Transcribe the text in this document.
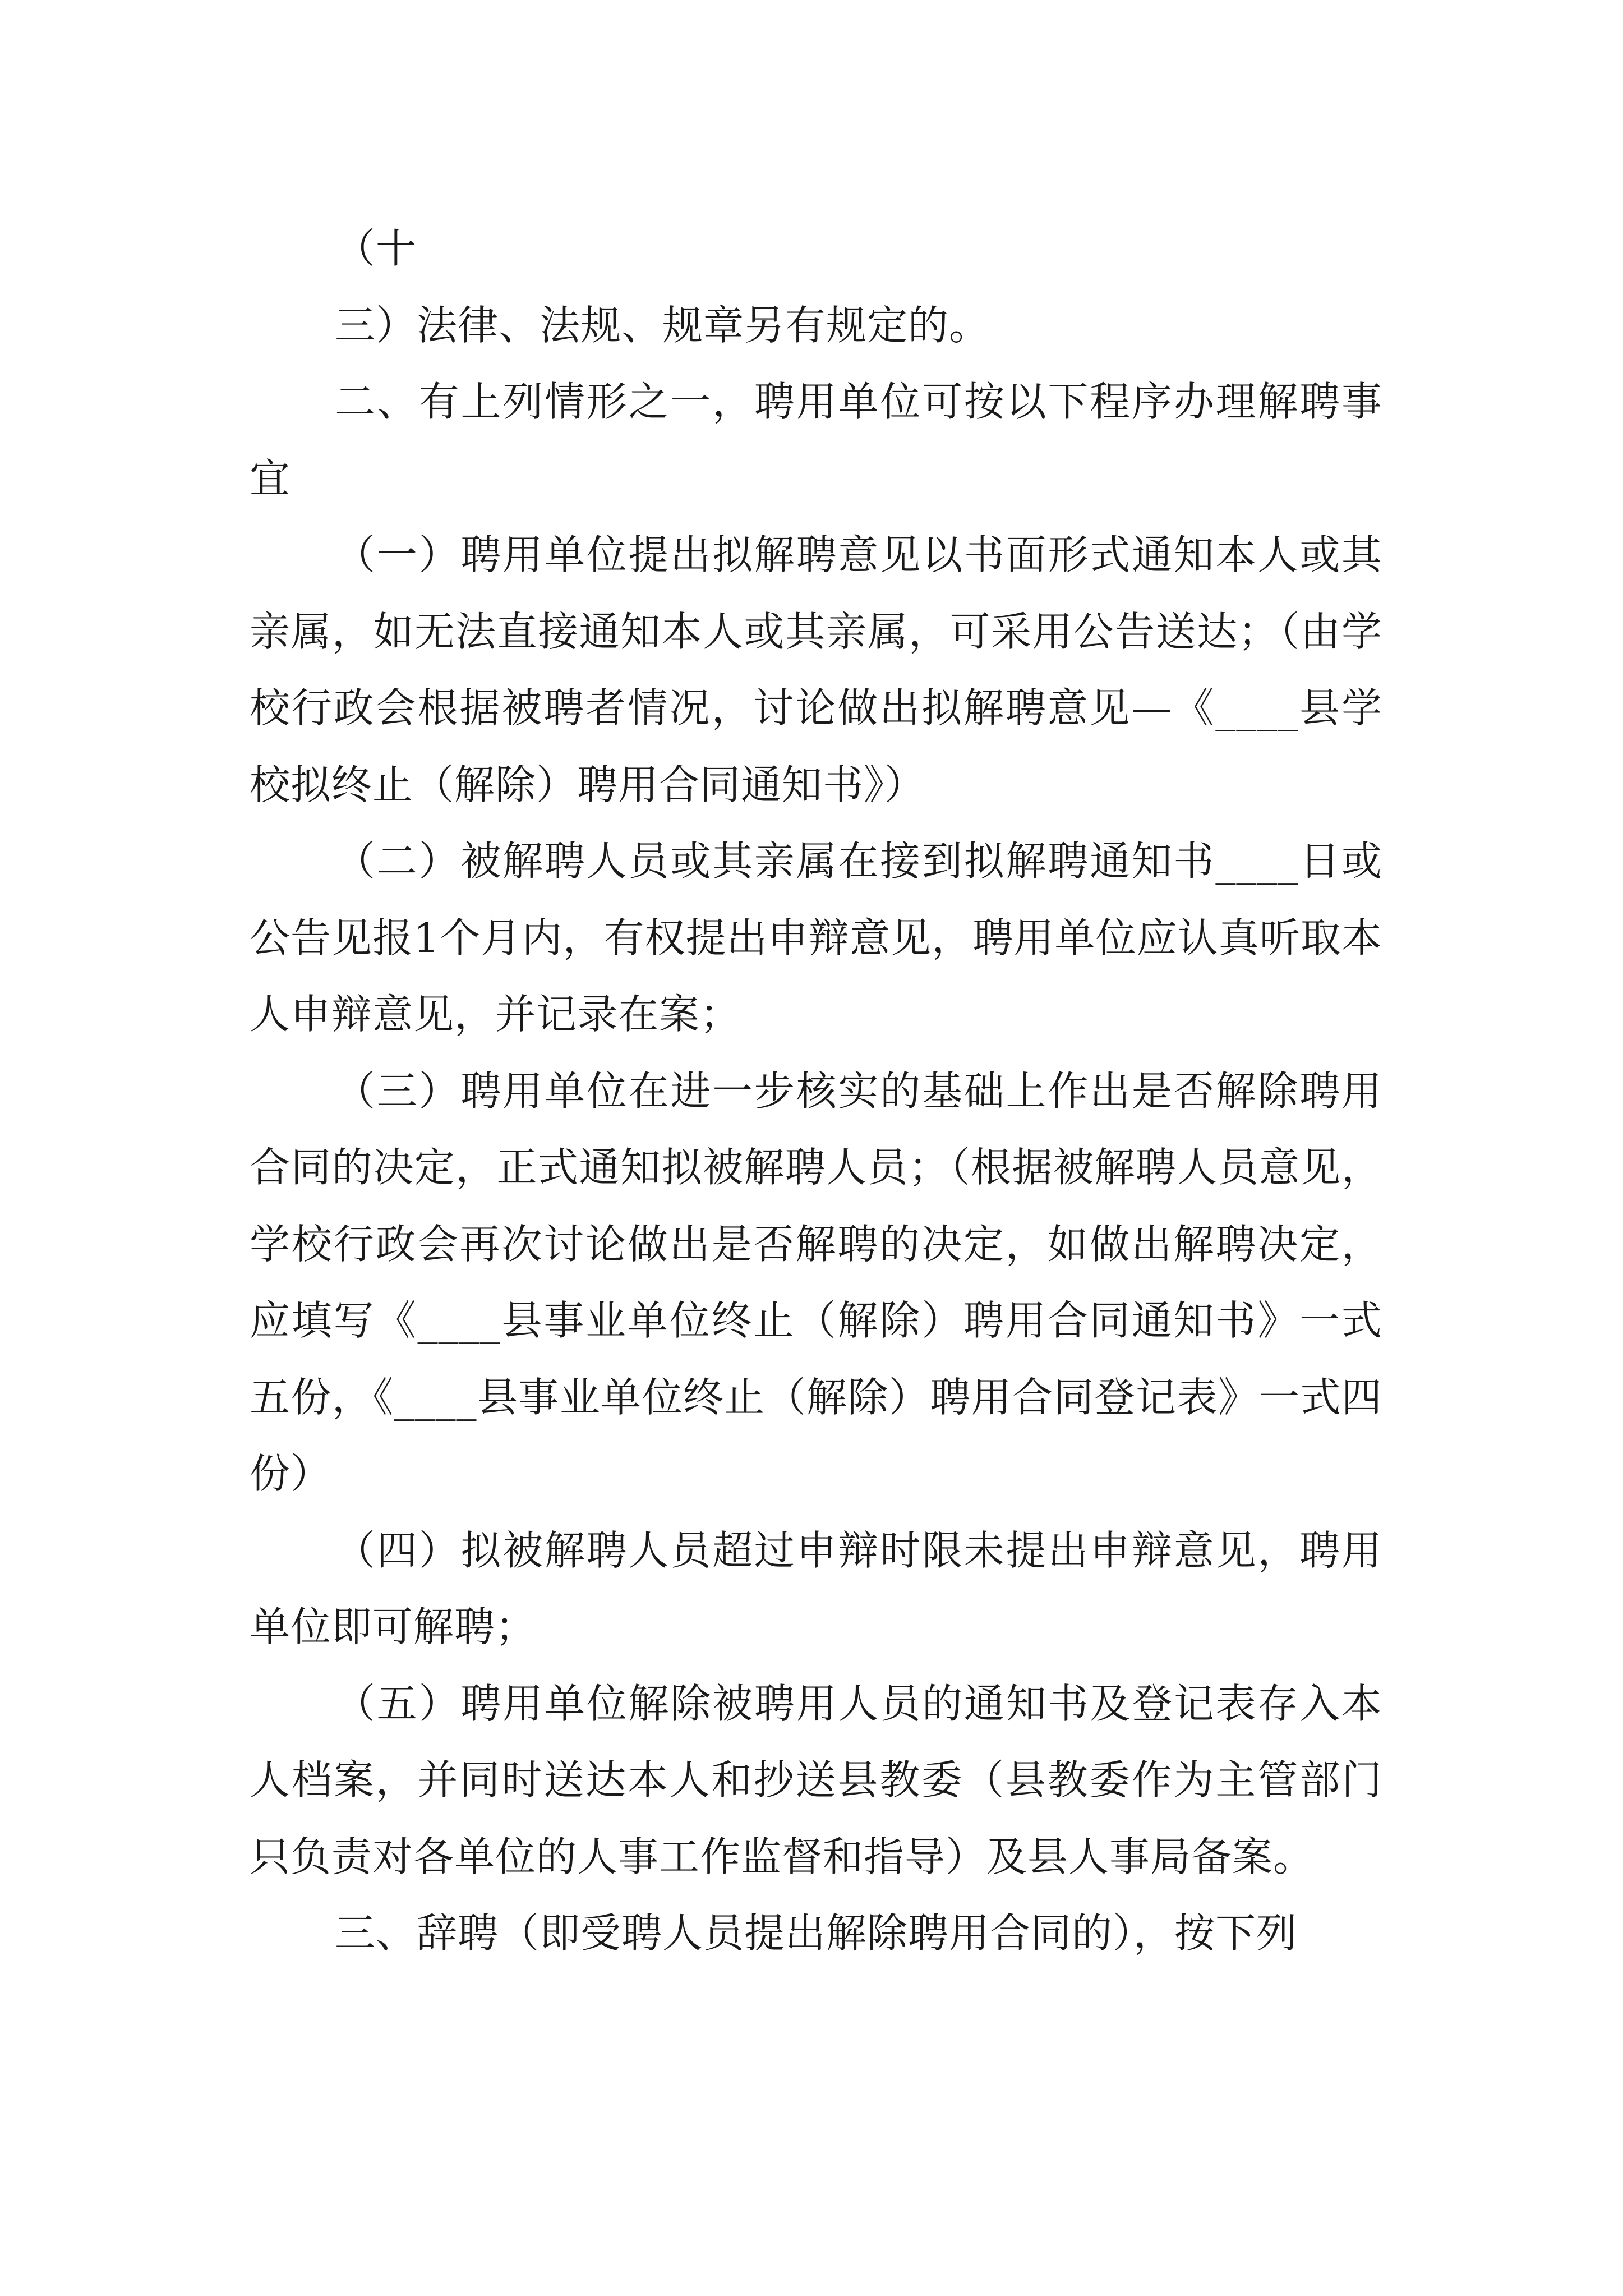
（十

三）法律、法规、规章另有规定的。

二、有上列情形之一，聘用单位可按以下程序办理解聘事宜

（一）聘用单位提出拟解聘意见以书面形式通知本人或其亲属，如无法直接通知本人或其亲属，可采用公告送达；（由学校行政会根据被聘者情况，讨论做出拟解聘意见—《____县学校拟终止（解除）聘用合同通知书》）

（二）被解聘人员或其亲属在接到拟解聘通知书____日或公告见报1个月内，有权提出申辩意见，聘用单位应认真听取本人申辩意见，并记录在案；

（三）聘用单位在进一步核实的基础上作出是否解除聘用合同的决定，正式通知拟被解聘人员；（根据被解聘人员意见，学校行政会再次讨论做出是否解聘的决定，如做出解聘决定，应填写《____县事业单位终止（解除）聘用合同通知书》一式五份，《____县事业单位终止（解除）聘用合同登记表》一式四份）

（四）拟被解聘人员超过申辩时限未提出申辩意见，聘用单位即可解聘；

（五）聘用单位解除被聘用人员的通知书及登记表存入本人档案，并同时送达本人和抄送县教委（县教委作为主管部门只负责对各单位的人事工作监督和指导）及县人事局备案。

三、辞聘（即受聘人员提出解除聘用合同的），按下列
